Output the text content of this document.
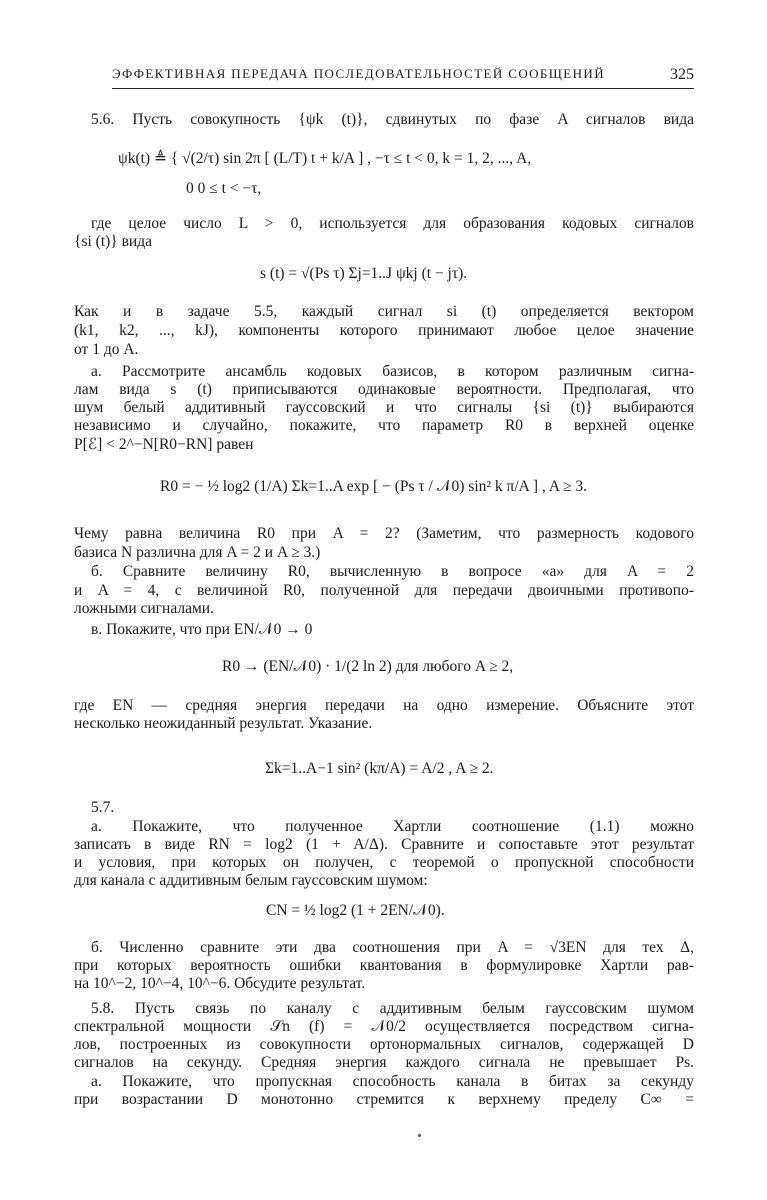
ЭФФЕКТИВНАЯ ПЕРЕДАЧА ПОСЛЕДОВАТЕЛЬНОСТЕЙ СООБЩЕНИЙ	325

5.6. Пусть совокупность {ψk (t)}, сдвинутых по фазе A сигналов вида

ψk(t) ≜ { √(2/τ) sin 2π [ (L/T) t + k/A ] , −τ ≤ t < 0, k = 1, 2, ..., A,

0 0 ≤ t < −τ,

где целое число L > 0, используется для образования кодовых сигналов

{si (t)} вида

s (t) = √(Ps τ) Σj=1..J ψkj (t − jτ).

Как и в задаче 5.5, каждый сигнал si (t) определяется вектором

(k1, k2, ..., kJ), компоненты которого принимают любое целое значение

от 1 до A.

а. Рассмотрите ансамбль кодовых базисов, в котором различным сигна-

лам вида s (t) приписываются одинаковые вероятности. Предполагая, что

шум белый аддитивный гауссовский и что сигналы {si (t)} выбираются

независимо и случайно, покажите, что параметр R0 в верхней оценке

P[ℰ] < 2^−N[R0−RN] равен

R0 = − ½ log2 (1/A) Σk=1..A exp [ − (Ps τ / 𝒩0) sin² k π/A ] , A ≥ 3.

Чему равна величина R0 при A = 2? (Заметим, что размерность кодового

базиса N различна для A = 2 и A ≥ 3.)

б. Сравните величину R0, вычисленную в вопросе «а» для A = 2

и A = 4, с величиной R0, полученной для передачи двоичными противопо-

ложными сигналами.

в. Покажите, что при EN/𝒩0 → 0

R0 → (EN/𝒩0) · 1/(2 ln 2) для любого A ≥ 2,

где EN — средняя энергия передачи на одно измерение. Объясните этот

несколько неожиданный результат. Указание.

Σk=1..A−1 sin² (kπ/A) = A/2 , A ≥ 2.

5.7.

а. Покажите, что полученное Хартли соотношение (1.1) можно

записать в виде RN = log2 (1 + A/Δ). Сравните и сопоставьте этот результат

и условия, при которых он получен, с теоремой о пропускной способности

для канала с аддитивным белым гауссовским шумом:

CN = ½ log2 (1 + 2EN/𝒩0).

б. Численно сравните эти два соотношения при A = √3EN для тех Δ,

при которых вероятность ошибки квантования в формулировке Хартли рав-

на 10^−2, 10^−4, 10^−6. Обсудите результат.

5.8. Пусть связь по каналу с аддитивным белым гауссовским шумом

спектральной мощности 𝒮n (f) = 𝒩0/2 осуществляется посредством сигна-

лов, построенных из совокупности ортонормальных сигналов, содержащей D

сигналов на секунду. Средняя энергия каждого сигнала не превышает Ps.

а. Покажите, что пропускная способность канала в битах за секунду

при возрастании D монотонно стремится к верхнему пределу C∞ =
